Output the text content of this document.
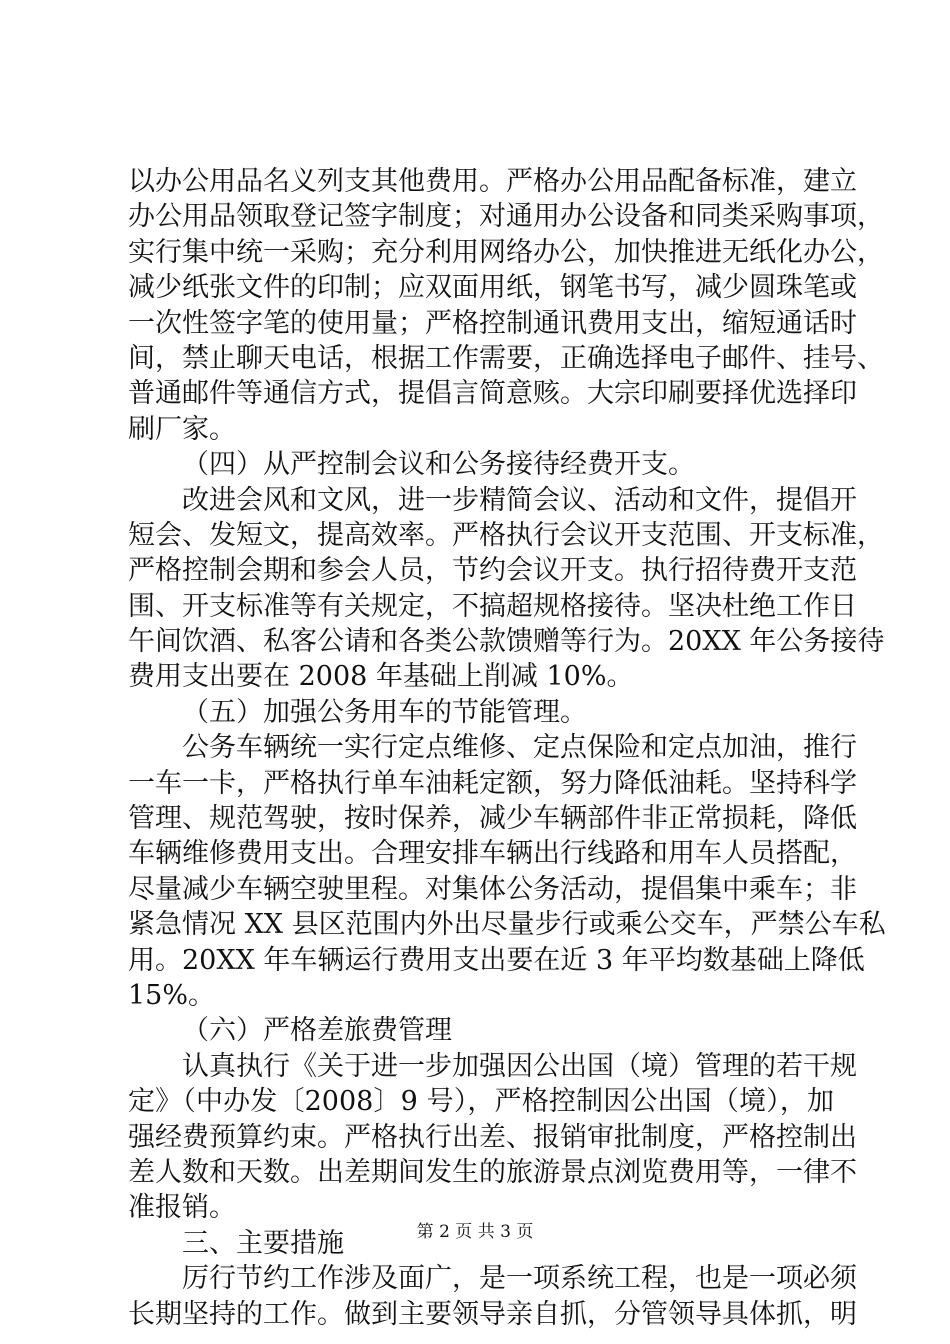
以办公用品名义列支其他费用。严格办公用品配备标准，建立
办公用品领取登记签字制度；对通用办公设备和同类采购事项，
实行集中统一采购；充分利用网络办公，加快推进无纸化办公，
减少纸张文件的印制；应双面用纸，钢笔书写，减少圆珠笔或
一次性签字笔的使用量；严格控制通讯费用支出，缩短通话时
间，禁止聊天电话，根据工作需要，正确选择电子邮件、挂号、
普通邮件等通信方式，提倡言简意赅。大宗印刷要择优选择印
刷厂家。
（四）从严控制会议和公务接待经费开支。
改进会风和文风，进一步精简会议、活动和文件，提倡开
短会、发短文，提高效率。严格执行会议开支范围、开支标准，
严格控制会期和参会人员，节约会议开支。执行招待费开支范
围、开支标准等有关规定，不搞超规格接待。坚决杜绝工作日
午间饮酒、私客公请和各类公款馈赠等行为。20XX 年公务接待
费用支出要在 2008 年基础上削减 10%。
（五）加强公务用车的节能管理。
公务车辆统一实行定点维修、定点保险和定点加油，推行
一车一卡，严格执行单车油耗定额，努力降低油耗。坚持科学
管理、规范驾驶，按时保养，减少车辆部件非正常损耗，降低
车辆维修费用支出。合理安排车辆出行线路和用车人员搭配，
尽量减少车辆空驶里程。对集体公务活动，提倡集中乘车；非
紧急情况 XX 县区范围内外出尽量步行或乘公交车，严禁公车私
用。20XX 年车辆运行费用支出要在近 3 年平均数基础上降低
15%。
（六）严格差旅费管理
认真执行《关于进一步加强因公出国（境）管理的若干规
定》（中办发〔2008〕9 号），严格控制因公出国（境），加
强经费预算约束。严格执行出差、报销审批制度，严格控制出
差人数和天数。出差期间发生的旅游景点浏览费用等，一律不
准报销。
三、主要措施
厉行节约工作涉及面广，是一项系统工程，也是一项必须
长期坚持的工作。做到主要领导亲自抓，分管领导具体抓，明
第 2 页 共 3 页
